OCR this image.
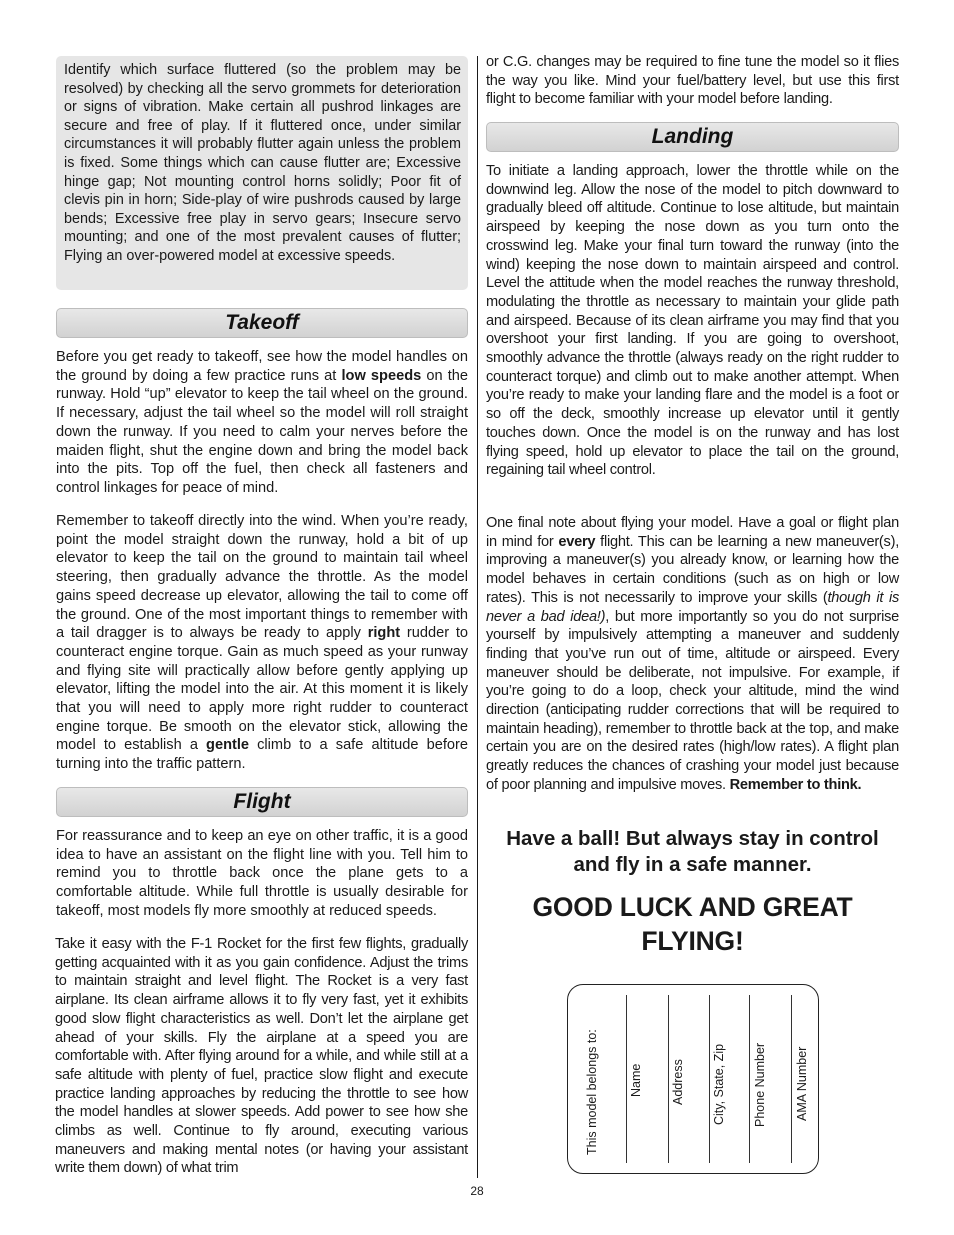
Identify which surface fluttered (so the problem may be resolved) by checking all the servo grommets for deterioration or signs of vibration. Make certain all pushrod linkages are secure and free of play. If it fluttered once, under similar circumstances it will probably flutter again unless the problem is fixed. Some things which can cause flutter are; Excessive hinge gap; Not mounting control horns solidly; Poor fit of clevis pin in horn; Side-play of wire pushrods caused by large bends; Excessive free play in servo gears; Insecure servo mounting; and one of the most prevalent causes of flutter; Flying an over-powered model at excessive speeds.

Takeoff

Before you get ready to takeoff, see how the model handles on the ground by doing a few practice runs at low speeds on the runway. Hold “up” elevator to keep the tail wheel on the ground. If necessary, adjust the tail wheel so the model will roll straight down the runway. If you need to calm your nerves before the maiden flight, shut the engine down and bring the model back into the pits. Top off the fuel, then check all fasteners and control linkages for peace of mind.

Remember to takeoff directly into the wind. When you’re ready, point the model straight down the runway, hold a bit of up elevator to keep the tail on the ground to maintain tail wheel steering, then gradually advance the throttle. As the model gains speed decrease up elevator, allowing the tail to come off the ground. One of the most important things to remember with a tail dragger is to always be ready to apply right rudder to counteract engine torque. Gain as much speed as your runway and flying site will practically allow before gently applying up elevator, lifting the model into the air. At this moment it is likely that you will need to apply more right rudder to counteract engine torque. Be smooth on the elevator stick, allowing the model to establish a gentle climb to a safe altitude before turning into the traffic pattern.

Flight

For reassurance and to keep an eye on other traffic, it is a good idea to have an assistant on the flight line with you. Tell him to remind you to throttle back once the plane gets to a comfortable altitude. While full throttle is usually desirable for takeoff, most models fly more smoothly at reduced speeds.

Take it easy with the F-1 Rocket for the first few flights, gradually getting acquainted with it as you gain confidence. Adjust the trims to maintain straight and level flight. The Rocket is a very fast airplane. Its clean airframe allows it to fly very fast, yet it exhibits good slow flight characteristics as well. Don’t let the airplane get ahead of your skills. Fly the airplane at a speed you are comfortable with. After flying around for a while, and while still at a safe altitude with plenty of fuel, practice slow flight and execute practice landing approaches by reducing the throttle to see how the model handles at slower speeds. Add power to see how she climbs as well. Continue to fly around, executing various maneuvers and making mental notes (or having your assistant write them down) of what trim

or C.G. changes may be required to fine tune the model so it flies the way you like. Mind your fuel/battery level, but use this first flight to become familiar with your model before landing.

Landing

To initiate a landing approach, lower the throttle while on the downwind leg. Allow the nose of the model to pitch downward to gradually bleed off altitude. Continue to lose altitude, but maintain airspeed by keeping the nose down as you turn onto the crosswind leg. Make your final turn toward the runway (into the wind) keeping the nose down to maintain airspeed and control. Level the attitude when the model reaches the runway threshold, modulating the throttle as necessary to maintain your glide path and airspeed. Because of its clean airframe you may find that you overshoot your first landing. If you are going to overshoot, smoothly advance the throttle (always ready on the right rudder to counteract torque) and climb out to make another attempt. When you’re ready to make your landing flare and the model is a foot or so off the deck, smoothly increase up elevator until it gently touches down. Once the model is on the runway and has lost flying speed, hold up elevator to place the tail on the ground, regaining tail wheel control.

One final note about flying your model. Have a goal or flight plan in mind for every flight. This can be learning a new maneuver(s), improving a maneuver(s) you already know, or learning how the model behaves in certain conditions (such as on high or low rates). This is not necessarily to improve your skills (though it is never a bad idea!), but more importantly so you do not surprise yourself by impulsively attempting a maneuver and suddenly finding that you’ve run out of time, altitude or airspeed. Every maneuver should be deliberate, not impulsive. For example, if you’re going to do a loop, check your altitude, mind the wind direction (anticipating rudder corrections that will be required to maintain heading), remember to throttle back at the top, and make certain you are on the desired rates (high/low rates). A flight plan greatly reduces the chances of crashing your model just because of poor planning and impulsive moves. Remember to think.

Have a ball! But always stay in control
and fly in a safe manner.
GOOD LUCK AND GREAT FLYING!
This model belongs to: Name Address City, State, Zip Phone Number AMA Number
28
